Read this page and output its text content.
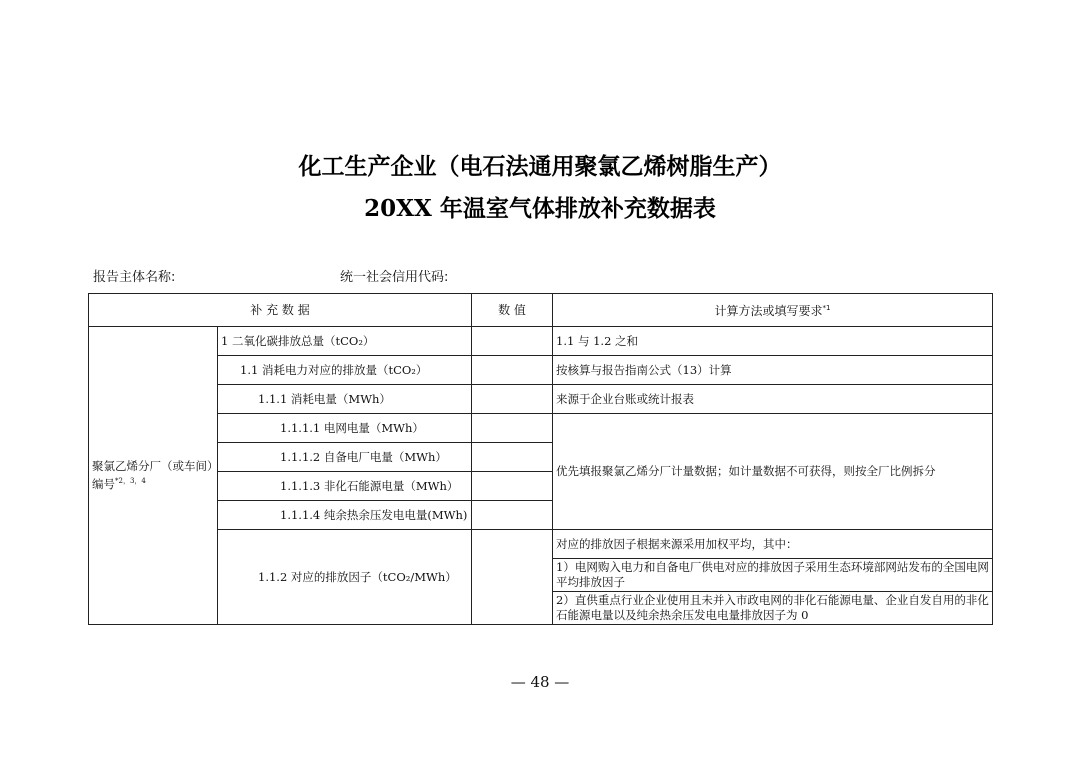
化工生产企业（电石法通用聚氯乙烯树脂生产）
20XX 年温室气体排放补充数据表
报告主体名称:	统一社会信用代码:
补 充 数 据		数 值	计算方法或填写要求$^{*1}$
聚氯乙烯分厂（或车间）编号$^{*2,3,4}$	1 二氧化碳排放总量（tCO₂）		1.1 与 1.2 之和
	1.1 消耗电力对应的排放量（tCO₂）		按核算与报告指南公式（13）计算
	1.1.1 消耗电量（MWh）		来源于企业台账或统计报表
	1.1.1.1 电网电量（MWh）		优先填报聚氯乙烯分厂计量数据；如计量数据不可获得，则按全厂比例拆分
	1.1.1.2 自备电厂电量（MWh）		
	1.1.1.3 非化石能源电量（MWh）		
	1.1.1.4 纯余热余压发电电量(MWh)		
	1.1.2 对应的排放因子（tCO₂/MWh）		对应的排放因子根据来源采用加权平均，其中：
			1）电网购入电力和自备电厂供电对应的排放因子采用生态环境部网站发布的全国电网平均排放因子
			2）直供重点行业企业使用且未并入市政电网的非化石能源电量、企业自发自用的非化石能源电量以及纯余热余压发电电量排放因子为 0
— 48 —
